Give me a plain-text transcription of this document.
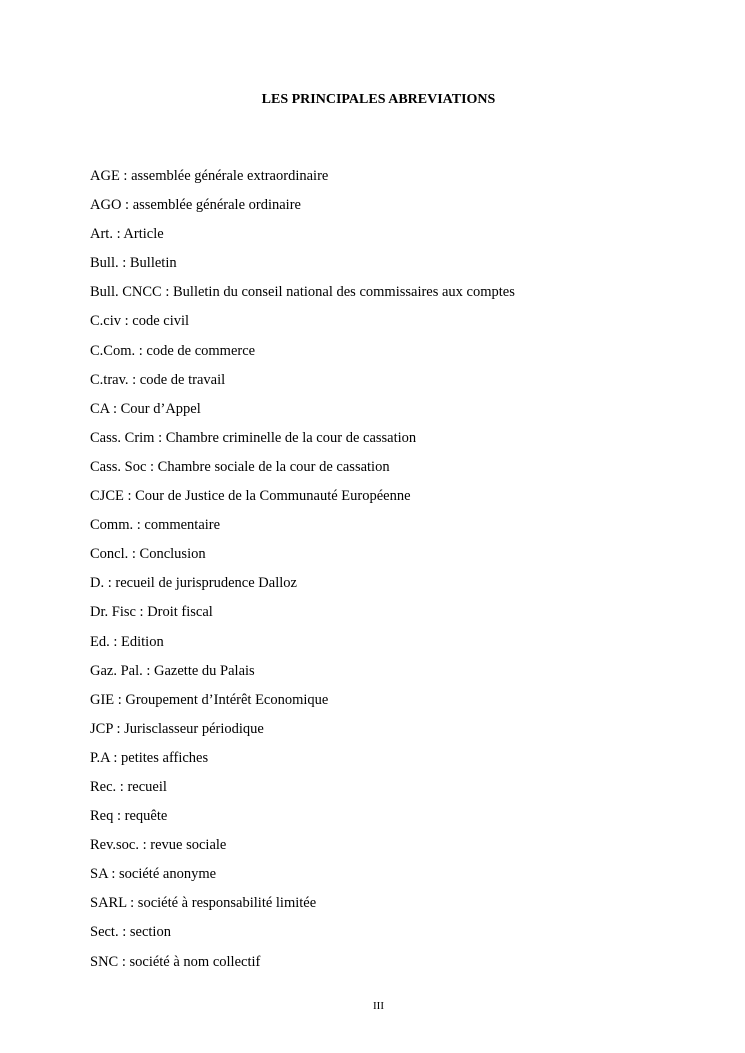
LES PRINCIPALES ABREVIATIONS
AGE : assemblée générale extraordinaire
AGO : assemblée générale ordinaire
Art. : Article
Bull. : Bulletin
Bull. CNCC : Bulletin du conseil national des commissaires aux comptes
C.civ : code civil
C.Com. : code de commerce
C.trav. : code de travail
CA : Cour d’Appel
Cass. Crim : Chambre criminelle de la cour de cassation
Cass. Soc : Chambre sociale de la cour de cassation
CJCE : Cour de Justice de la Communauté Européenne
Comm. : commentaire
Concl. : Conclusion
D. : recueil de jurisprudence Dalloz
Dr. Fisc : Droit fiscal
Ed. : Edition
Gaz. Pal. : Gazette du Palais
GIE : Groupement d’Intérêt Economique
JCP : Jurisclasseur périodique
P.A : petites affiches
Rec. : recueil
Req : requête
Rev.soc. : revue sociale
SA : société anonyme
SARL : société à responsabilité limitée
Sect. : section
SNC : société à nom collectif
III
